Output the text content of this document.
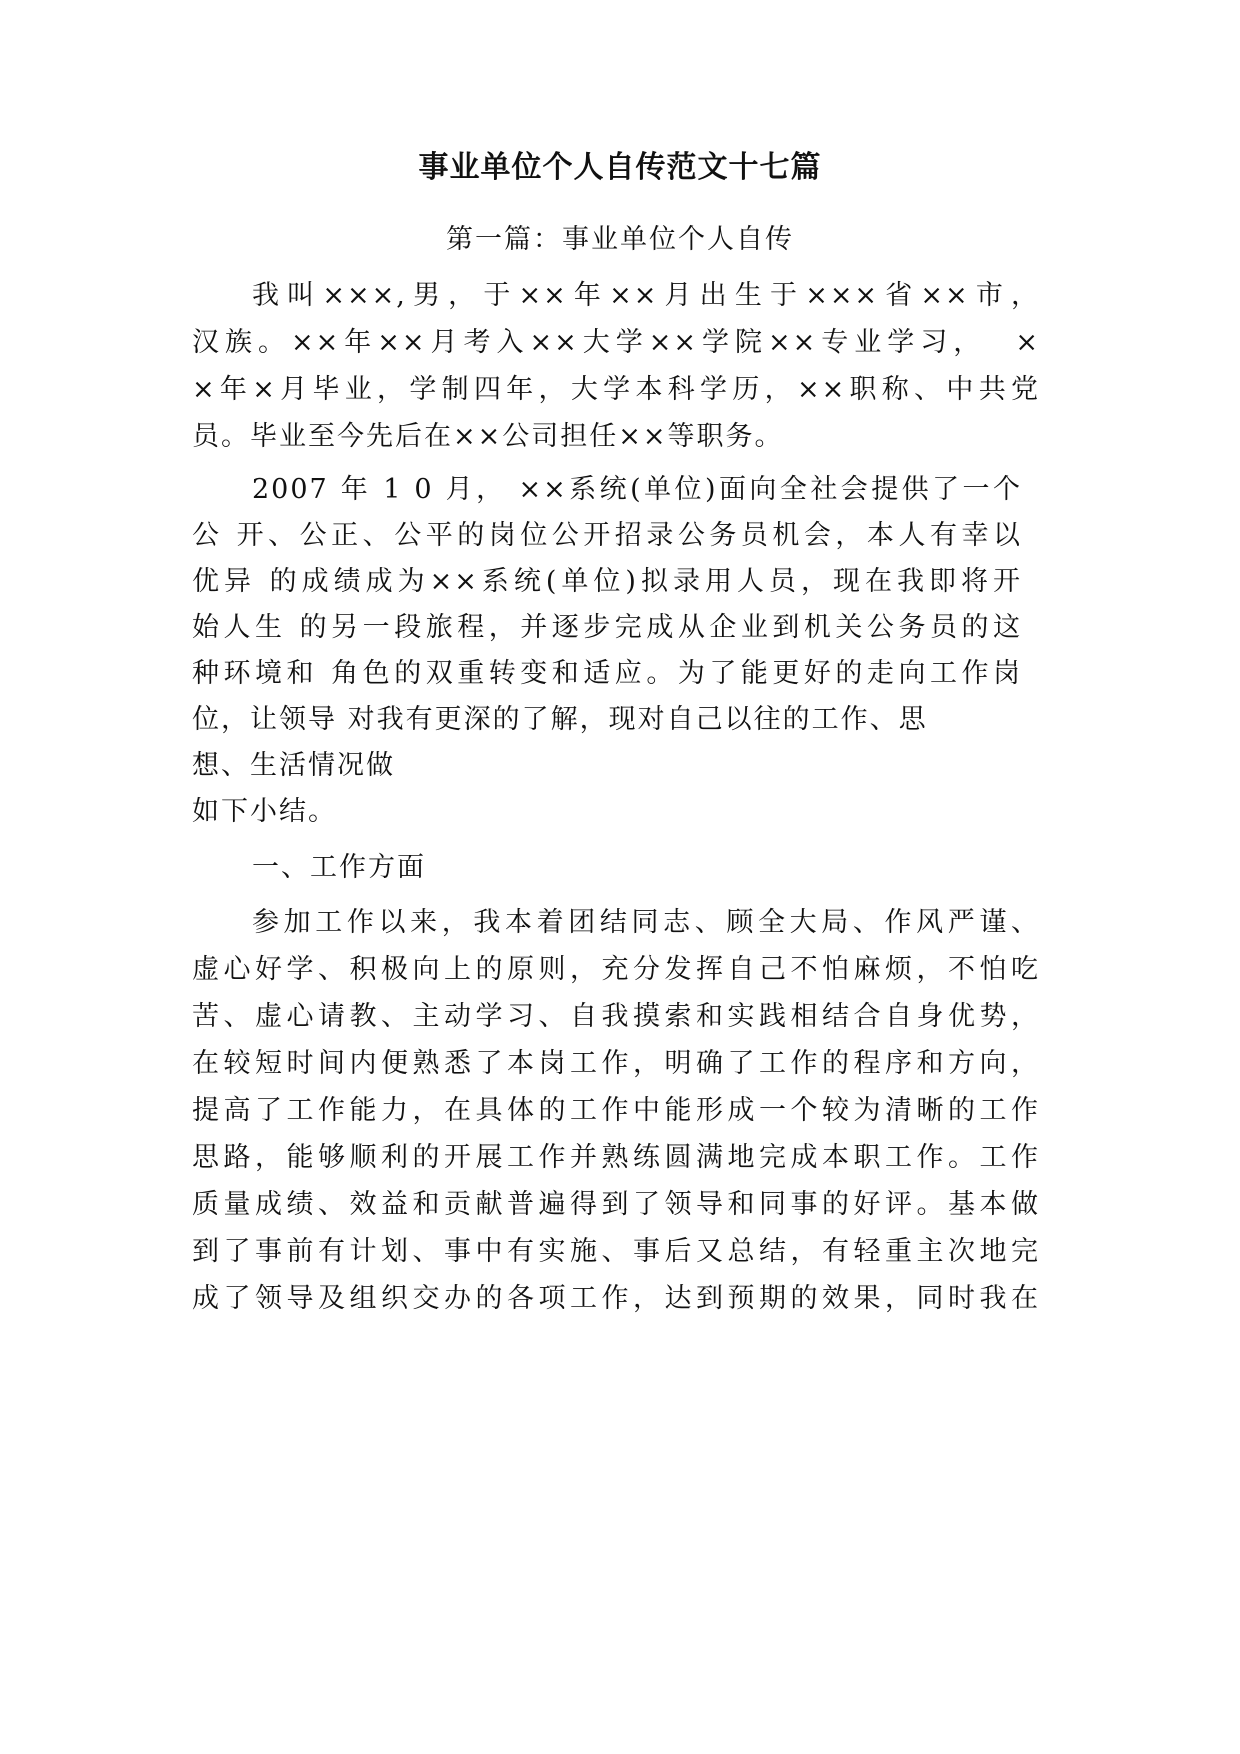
事业单位个人自传范文十七篇
第一篇：事业单位个人自传
我叫×××,男，于××年××月出生于×××省××市，
汉族。××年××月考入××大学××学院××专业学习，  ×
×年×月毕业，学制四年，大学本科学历，××职称、中共党
员。毕业至今先后在××公司担任××等职务。
2007 年 1 0 月， ××系统(单位)面向全社会提供了一个
公 开、公正、公平的岗位公开招录公务员机会，本人有幸以
优异 的成绩成为××系统(单位)拟录用人员，现在我即将开
始人生 的另一段旅程，并逐步完成从企业到机关公务员的这
种环境和 角色的双重转变和适应。为了能更好的走向工作岗
位，让领导 对我有更深的了解，现对自己以往的工作、思
想、生活情况做
如下小结。
一、工作方面
参加工作以来，我本着团结同志、顾全大局、作风严谨、
虚心好学、积极向上的原则，充分发挥自己不怕麻烦，不怕吃
苦、虚心请教、主动学习、自我摸索和实践相结合自身优势，
在较短时间内便熟悉了本岗工作，明确了工作的程序和方向，
提高了工作能力，在具体的工作中能形成一个较为清晰的工作
思路，能够顺利的开展工作并熟练圆满地完成本职工作。工作
质量成绩、效益和贡献普遍得到了领导和同事的好评。基本做
到了事前有计划、事中有实施、事后又总结，有轻重主次地完
成了领导及组织交办的各项工作，达到预期的效果，同时我在
